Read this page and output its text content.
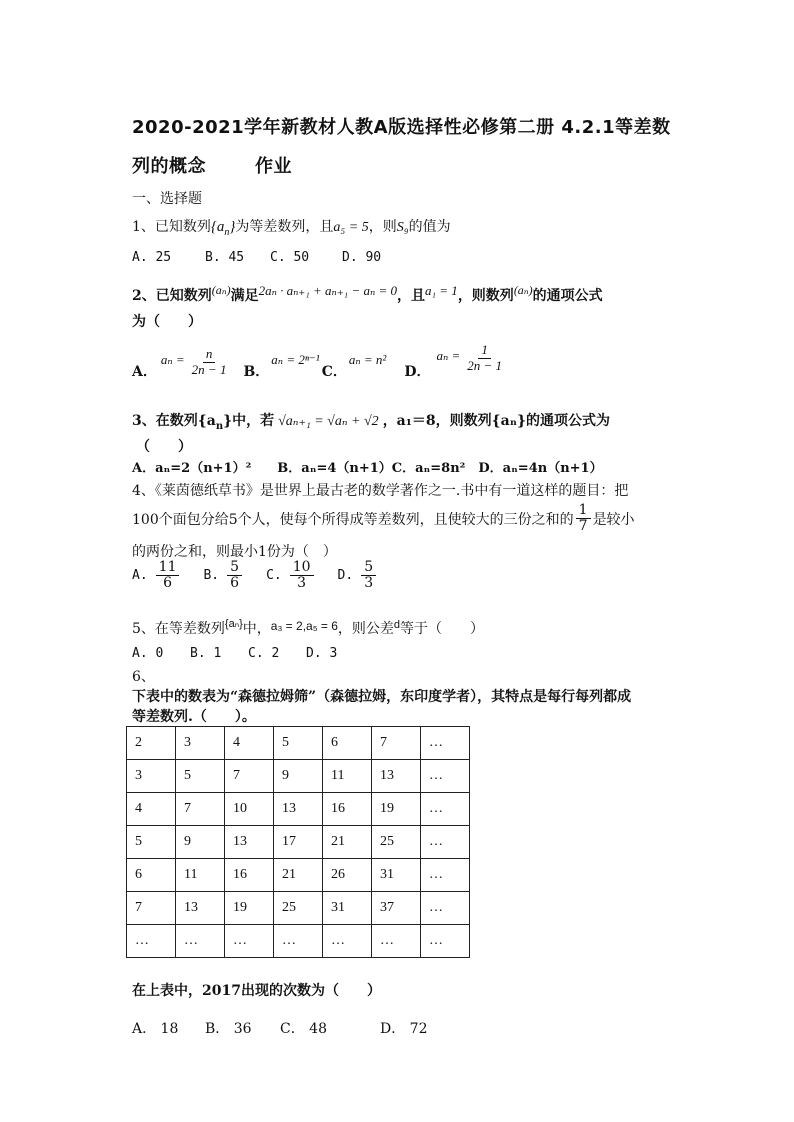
2020-2021学年新教材人教A版选择性必修第二册 4.2.1等差数
列的概念	作业
一、选择题
1、已知数列$\{a_n\}$为等差数列，且a₅ = 5，则S₉的值为
A. 25	B. 45 C. 50	D. 90
2、已知数列(aₙ)满足2aₙ · aₙ₊₁ + aₙ₊₁ − aₙ = 0，且a₁ = 1，则数列(aₙ)的通项公式
为（　　）
A．
$a_n = \frac{n}{2n - 1}$ B．
aₙ = 2ⁿ⁻¹
C．
aₙ = n²
D．
$a_n = \frac{1}{2n - 1}$
3、在数列$\{a_n\}$中，若 √aₙ₊₁ = √aₙ + √2 ，a₁＝8，则数列{aₙ}的通项公式为
（　　）
A．aₙ=2（n+1）²　　B．aₙ=4（n+1）C．aₙ=8n²　D．aₙ=4n（n+1）
4、《莱茵德纸草书》是世界上最古老的数学著作之一.书中有一道这样的题目：把
100个面包分给5个人，使每个所得成等差数列，且使较大的三份之和的 $\frac{1}{7}$ 是较小
的两份之和，则最小1份为（　）
A. $\frac{11}{6} B$. $\frac{5}{6} C$. $\frac{10}{3} D$. $\frac{5}{3}$
5、在等差数列$^{\{a_n\}}$中，a₃ = 2,a₅ = 6，则公差$^d$等于（　　）
A. 0 B. 1 C. 2 D. 3
6、
下表中的数表为“森德拉姆筛”（森德拉姆，东印度学者），其特点是每行每列都成
等差数列.（　　）。
2	3	4	5	6	7	…
3	5	7	9	11	13	…
4	7	10	13	16	19	…
5	9	13	17	21	25	…
6	11	16	21	26	31	…
7	13	19	25	31	37	…
…	…	…	…	…	…	…
在上表中，2017出现的次数为（　　）
A． 18 B． 36 C． 48	D． 72
